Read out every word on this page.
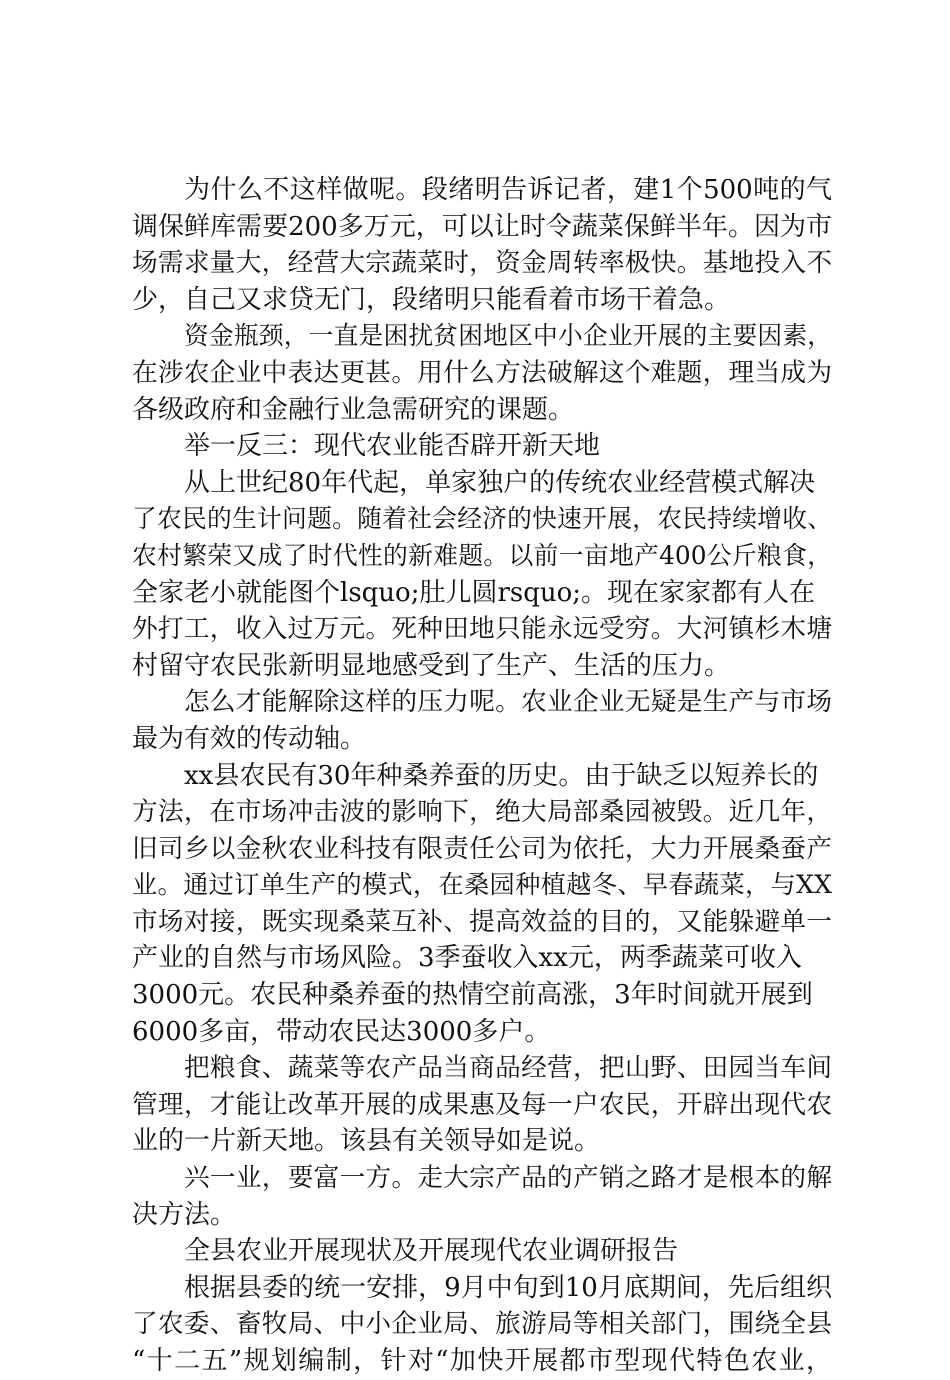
为什么不这样做呢。段绪明告诉记者，建1个500吨的气
调保鲜库需要200多万元，可以让时令蔬菜保鲜半年。因为市
场需求量大，经营大宗蔬菜时，资金周转率极快。基地投入不
少，自己又求贷无门，段绪明只能看着市场干着急。
资金瓶颈，一直是困扰贫困地区中小企业开展的主要因素，
在涉农企业中表达更甚。用什么方法破解这个难题，理当成为
各级政府和金融行业急需研究的课题。
举一反三：现代农业能否辟开新天地
从上世纪80年代起，单家独户的传统农业经营模式解决
了农民的生计问题。随着社会经济的快速开展，农民持续增收、
农村繁荣又成了时代性的新难题。以前一亩地产400公斤粮食，
全家老小就能图个lsquo;肚儿圆rsquo;。现在家家都有人在
外打工，收入过万元。死种田地只能永远受穷。大河镇杉木塘
村留守农民张新明显地感受到了生产、生活的压力。
怎么才能解除这样的压力呢。农业企业无疑是生产与市场
最为有效的传动轴。
xx县农民有30年种桑养蚕的历史。由于缺乏以短养长的
方法，在市场冲击波的影响下，绝大局部桑园被毁。近几年，
旧司乡以金秋农业科技有限责任公司为依托，大力开展桑蚕产
业。通过订单生产的模式，在桑园种植越冬、早春蔬菜，与XX
市场对接，既实现桑菜互补、提高效益的目的，又能躲避单一
产业的自然与市场风险。3季蚕收入xx元，两季蔬菜可收入
3000元。农民种桑养蚕的热情空前高涨，3年时间就开展到
6000多亩，带动农民达3000多户。
把粮食、蔬菜等农产品当商品经营，把山野、田园当车间
管理，才能让改革开展的成果惠及每一户农民，开辟出现代农
业的一片新天地。该县有关领导如是说。
兴一业，要富一方。走大宗产品的产销之路才是根本的解
决方法。
全县农业开展现状及开展现代农业调研报告
根据县委的统一安排，9月中旬到10月底期间，先后组织
了农委、畜牧局、中小企业局、旅游局等相关部门，围绕全县
“十二五”规划编制，针对“加快开展都市型现代特色农业，
